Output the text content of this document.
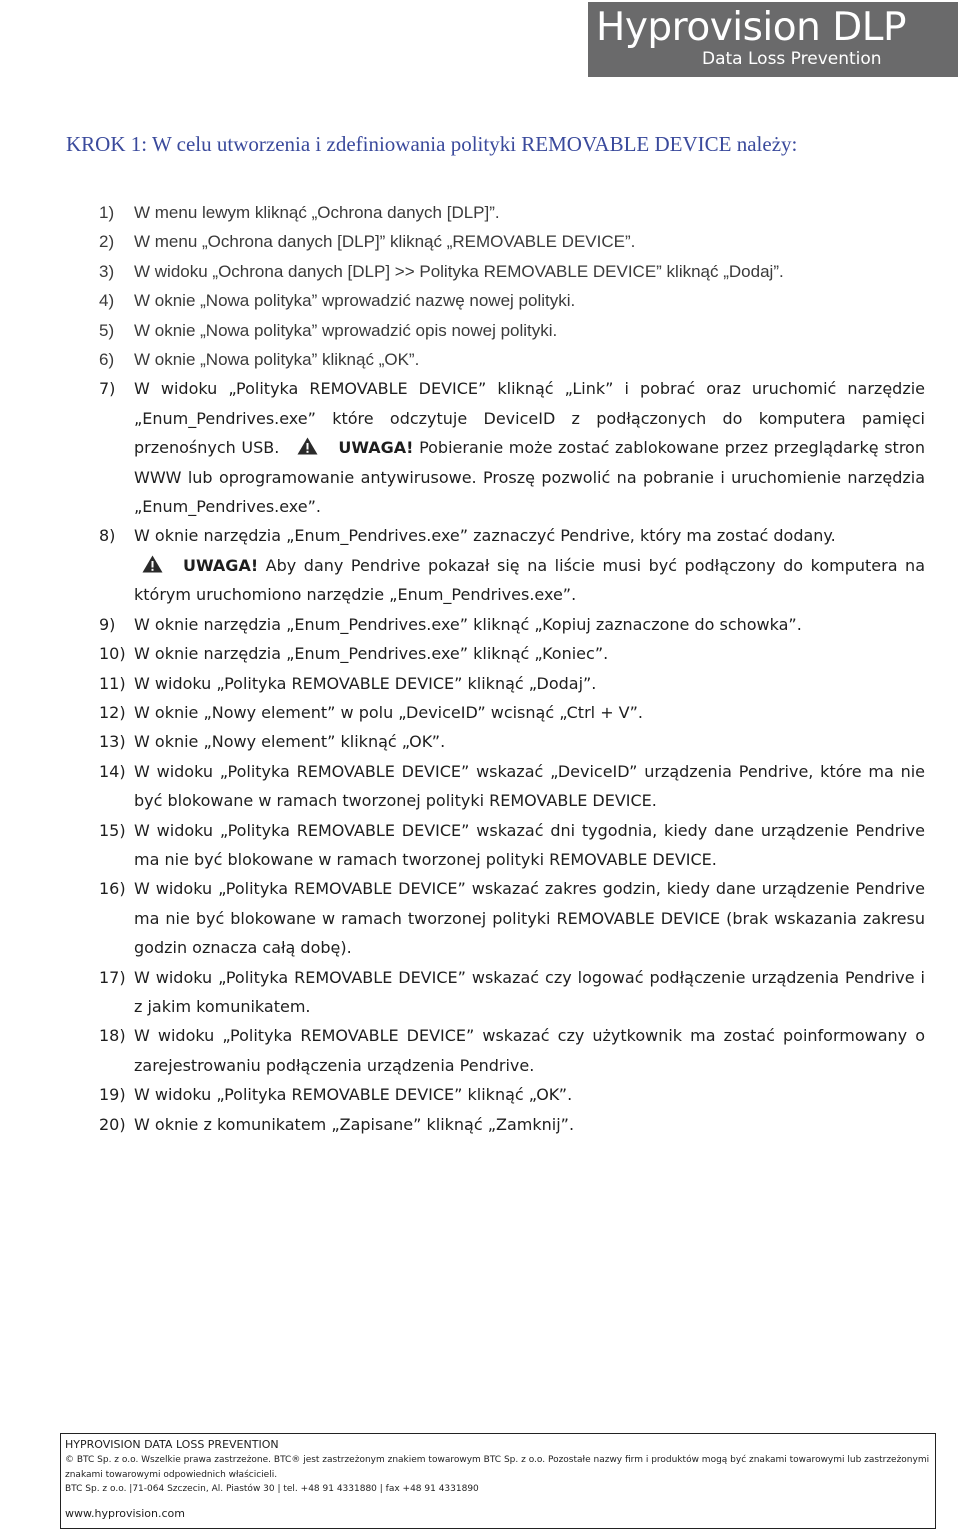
Hyprovision DLP
Data Loss Prevention
KROK 1: W celu utworzenia i zdefiniowania polityki REMOVABLE DEVICE należy:
1) W menu lewym kliknąć „Ochrona danych [DLP]”.
2) W menu „Ochrona danych [DLP]” kliknąć „REMOVABLE DEVICE”.
3) W widoku „Ochrona danych [DLP] >> Polityka REMOVABLE DEVICE” kliknąć „Dodaj”.
4) W oknie „Nowa polityka” wprowadzić nazwę nowej polityki.
5) W oknie „Nowa polityka” wprowadzić opis nowej polityki.
6) W oknie „Nowa polityka” kliknąć „OK”.
7) W widoku „Polityka REMOVABLE DEVICE” kliknąć „Link” i pobrać oraz uruchomić narzędzie „Enum_Pendrives.exe” które odczytuje DeviceID z podłączonych do komputera pamięci przenośnych USB.	UWAGA! Pobieranie może zostać zablokowane przez przeglądarkę stron WWW lub oprogramowanie antywirusowe. Proszę pozwolić na pobranie i uruchomienie narzędzia „Enum_Pendrives.exe”.
8) W oknie narzędzia „Enum_Pendrives.exe” zaznaczyć Pendrive, który ma zostać dodany.
UWAGA! Aby dany Pendrive pokazał się na liście musi być podłączony do komputera na którym uruchomiono narzędzie „Enum_Pendrives.exe”.
9) W oknie narzędzia „Enum_Pendrives.exe” kliknąć „Kopiuj zaznaczone do schowka”.
10) W oknie narzędzia „Enum_Pendrives.exe” kliknąć „Koniec”.
11) W widoku „Polityka REMOVABLE DEVICE” kliknąć „Dodaj”.
12) W oknie „Nowy element” w polu „DeviceID” wcisnąć „Ctrl + V”.
13) W oknie „Nowy element” kliknąć „OK”.
14) W widoku „Polityka REMOVABLE DEVICE” wskazać „DeviceID” urządzenia Pendrive, które ma nie być blokowane w ramach tworzonej polityki REMOVABLE DEVICE.
15) W widoku „Polityka REMOVABLE DEVICE” wskazać dni tygodnia, kiedy dane urządzenie Pendrive ma nie być blokowane w ramach tworzonej polityki REMOVABLE DEVICE.
16) W widoku „Polityka REMOVABLE DEVICE” wskazać zakres godzin, kiedy dane urządzenie Pendrive ma nie być blokowane w ramach tworzonej polityki REMOVABLE DEVICE (brak wskazania zakresu godzin oznacza całą dobę).
17) W widoku „Polityka REMOVABLE DEVICE” wskazać czy logować podłączenie urządzenia Pendrive i z jakim komunikatem.
18) W widoku „Polityka REMOVABLE DEVICE” wskazać czy użytkownik ma zostać poinformowany o zarejestrowaniu podłączenia urządzenia Pendrive.
19) W widoku „Polityka REMOVABLE DEVICE” kliknąć „OK”.
20) W oknie z komunikatem „Zapisane” kliknąć „Zamknij”.
HYPROVISION DATA LOSS PREVENTION
© BTC Sp. z o.o. Wszelkie prawa zastrzeżone. BTC® jest zastrzeżonym znakiem towarowym BTC Sp. z o.o. Pozostałe nazwy firm i produktów mogą być znakami towarowymi lub zastrzeżonymi znakami towarowymi odpowiednich właścicieli.
BTC Sp. z o.o. |71-064 Szczecin, Al. Piastów 30 | tel. +48 91 4331880 | fax +48 91 4331890
www.hyprovision.com
